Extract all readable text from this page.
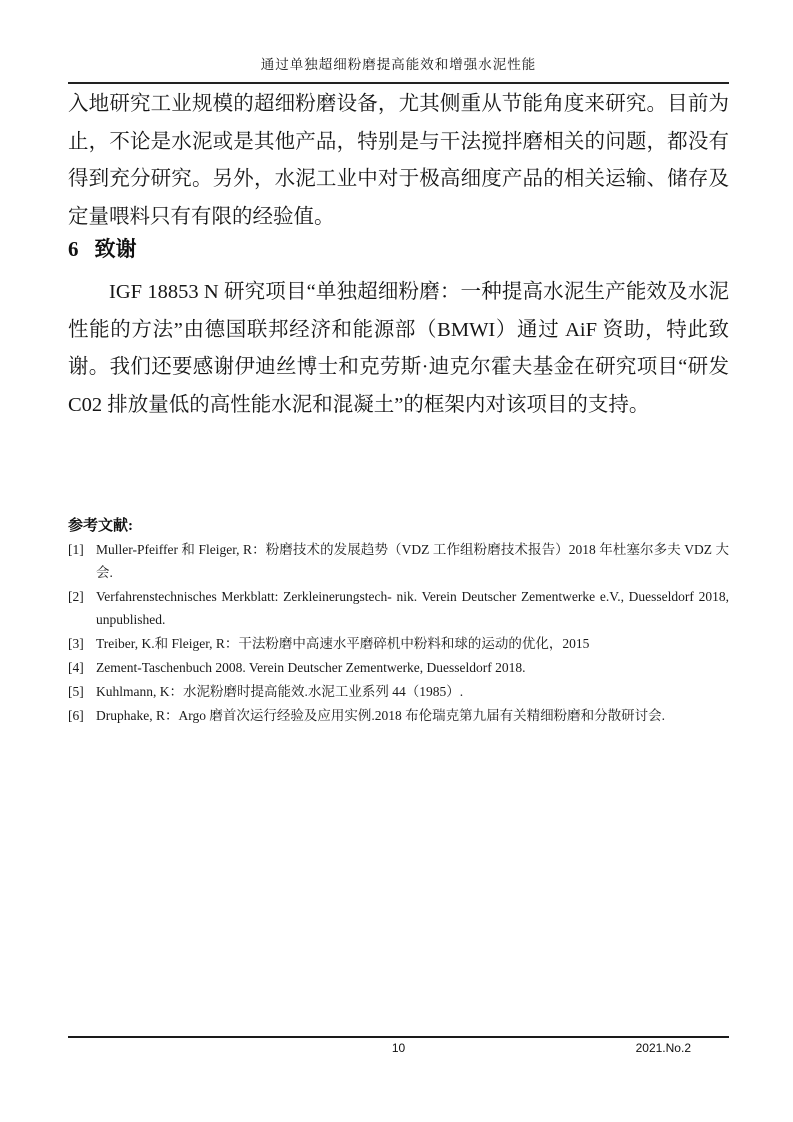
通过单独超细粉磨提高能效和增强水泥性能

入地研究工业规模的超细粉磨设备，尤其侧重从节能角度来研究。目前为止，不论是水泥或是其他产品，特别是与干法搅拌磨相关的问题，都没有得到充分研究。另外，水泥工业中对于极高细度产品的相关运输、储存及定量喂料只有有限的经验值。

6 致谢

IGF 18853 N 研究项目“单独超细粉磨：一种提高水泥生产能效及水泥性能的方法”由德国联邦经济和能源部（BMWI）通过 AiF 资助，特此致谢。我们还要感谢伊迪丝博士和克劳斯·迪克尔霍夫基金在研究项目“研发 C02 排放量低的高性能水泥和混凝土”的框架内对该项目的支持。

参考文献:
[1] Muller-Pfeiffer 和 Fleiger, R：粉磨技术的发展趋势（VDZ 工作组粉磨技术报告）2018 年杜塞尔多夫 VDZ 大会.
[2] Verfahrenstechnisches Merkblatt: Zerkleinerungstech- nik. Verein Deutscher Zementwerke e.V., Duesseldorf 2018, unpublished.
[3] Treiber, K.和 Fleiger, R：干法粉磨中高速水平磨碎机中粉料和球的运动的优化，2015
[4] Zement-Taschenbuch 2008. Verein Deutscher Zementwerke, Duesseldorf 2018.
[5] Kuhlmann, K：水泥粉磨时提高能效.水泥工业系列 44（1985）.
[6] Druphake, R：Argo 磨首次运行经验及应用实例.2018 布伦瑞克第九届有关精细粉磨和分散研讨会.
10	2021.No.2
